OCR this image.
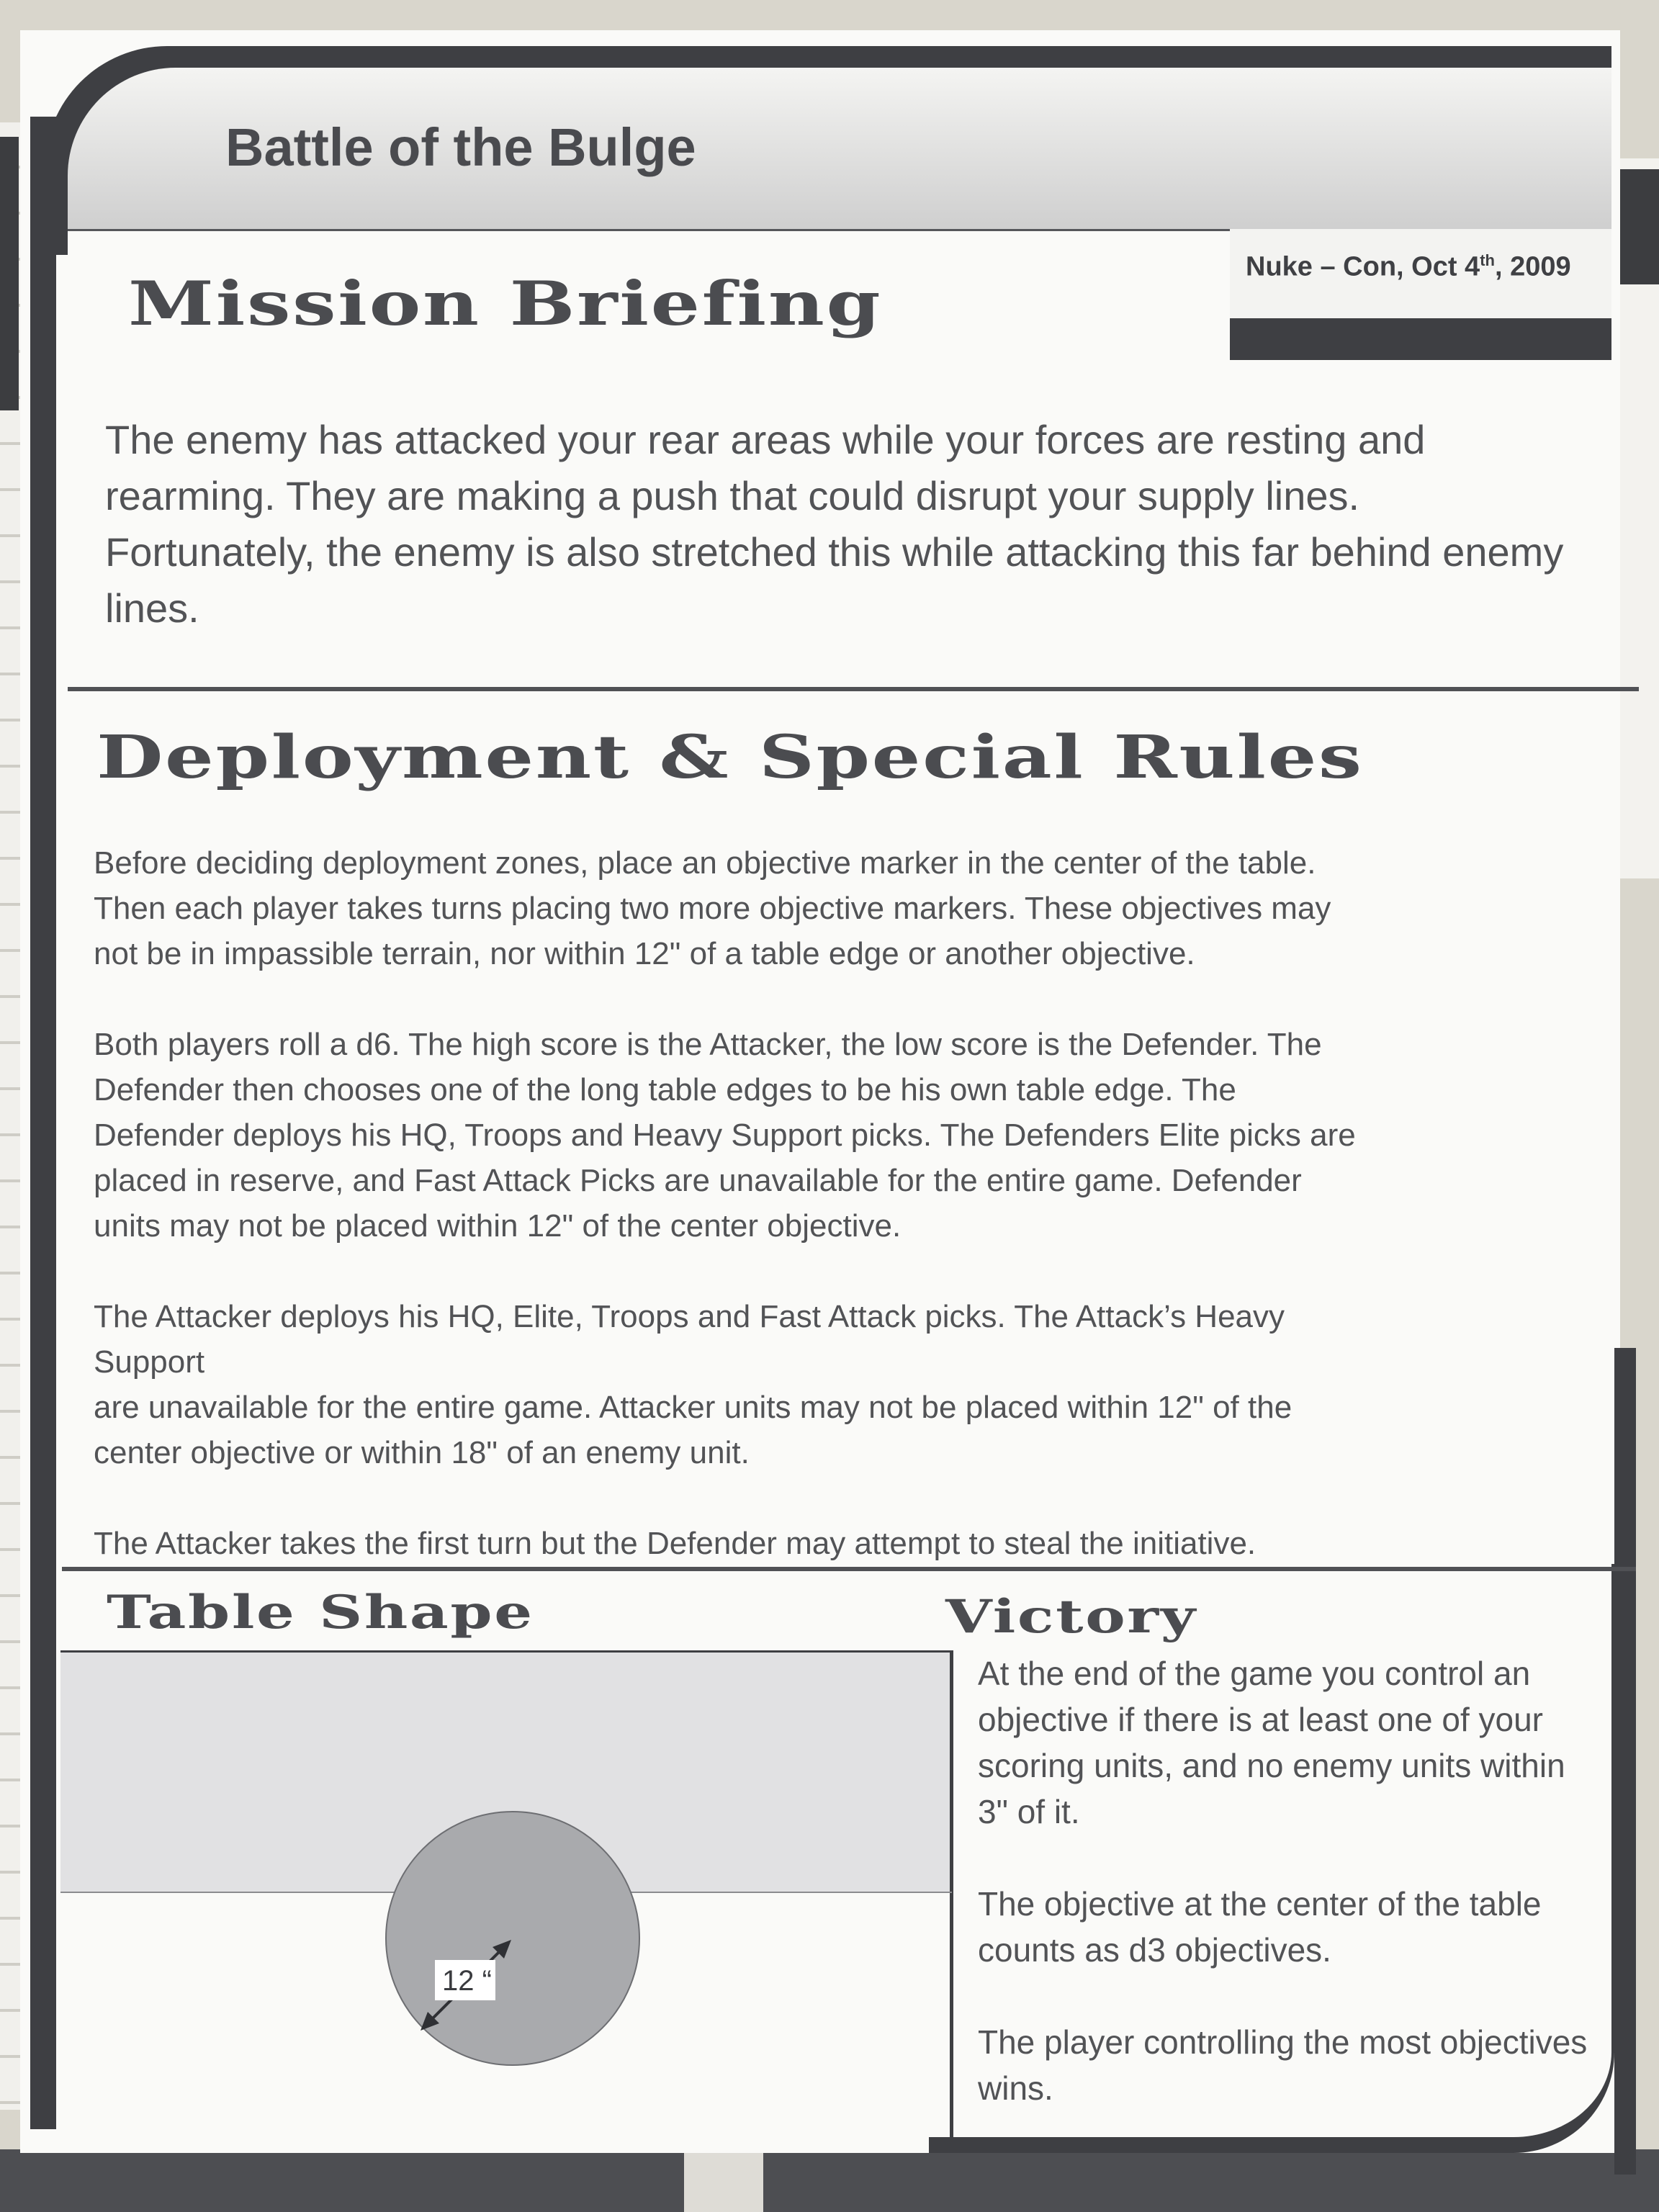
Battle of the Bulge
Nuke – Con, Oct 4th, 2009
Mission Briefing

The enemy has attacked your rear areas while your forces are resting and rearming. They are making a push that could disrupt your supply lines. Fortunately, the enemy is also stretched this while attacking this far behind enemy lines.

Deployment & Special Rules

Before deciding deployment zones, place an objective marker in the center of the table.
Then each player takes turns placing two more objective markers. These objectives may
not be in impassible terrain, nor within 12" of a table edge or another objective.

Both players roll a d6. The high score is the Attacker, the low score is the Defender. The
Defender then chooses one of the long table edges to be his own table edge. The
Defender deploys his HQ, Troops and Heavy Support picks. The Defenders Elite picks are
placed in reserve, and Fast Attack Picks are unavailable for the entire game. Defender
units may not be placed within 12" of the center objective.

The Attacker deploys his HQ, Elite, Troops and Fast Attack picks. The Attack’s Heavy
Support
are unavailable for the entire game. Attacker units may not be placed within 12" of the
center objective or within 18" of an enemy unit.

The Attacker takes the first turn but the Defender may attempt to steal the initiative.

Table Shape
12 “
Victory

At the end of the game you control an objective if there is at least one of your scoring units, and no enemy units within 3" of it.

The objective at the center of the table counts as d3 objectives.

The player controlling the most objectives wins.
